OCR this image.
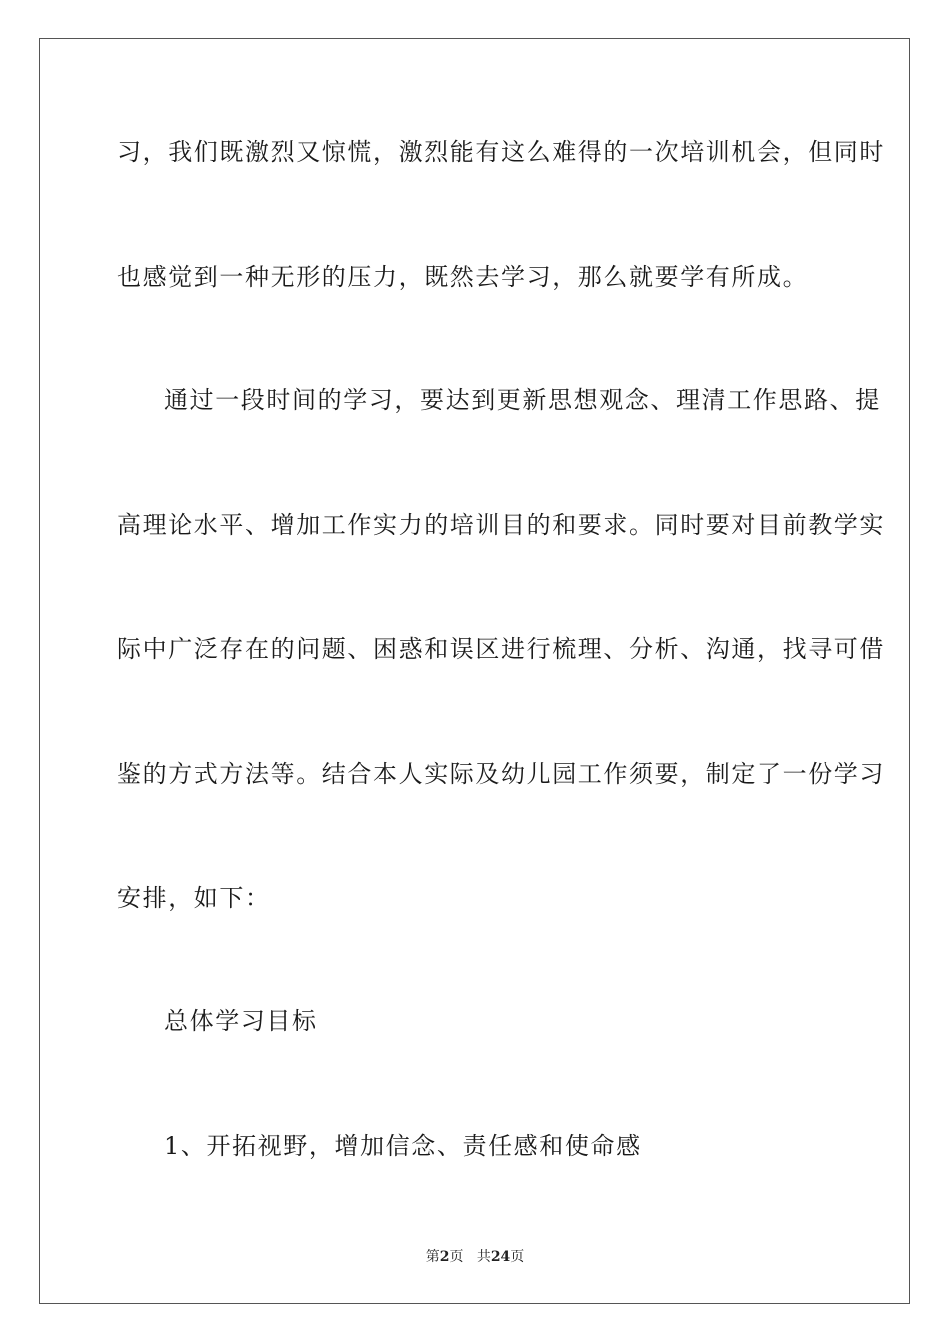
习，我们既激烈又惊慌，激烈能有这么难得的一次培训机会，但同时
也感觉到一种无形的压力，既然去学习，那么就要学有所成。
通过一段时间的学习，要达到更新思想观念、理清工作思路、提
高理论水平、增加工作实力的培训目的和要求。同时要对目前教学实
际中广泛存在的问题、困惑和误区进行梳理、分析、沟通，找寻可借
鉴的方式方法等。结合本人实际及幼儿园工作须要，制定了一份学习
安排，如下：
总体学习目标
1、开拓视野，增加信念、责任感和使命感
第2页 共24页
